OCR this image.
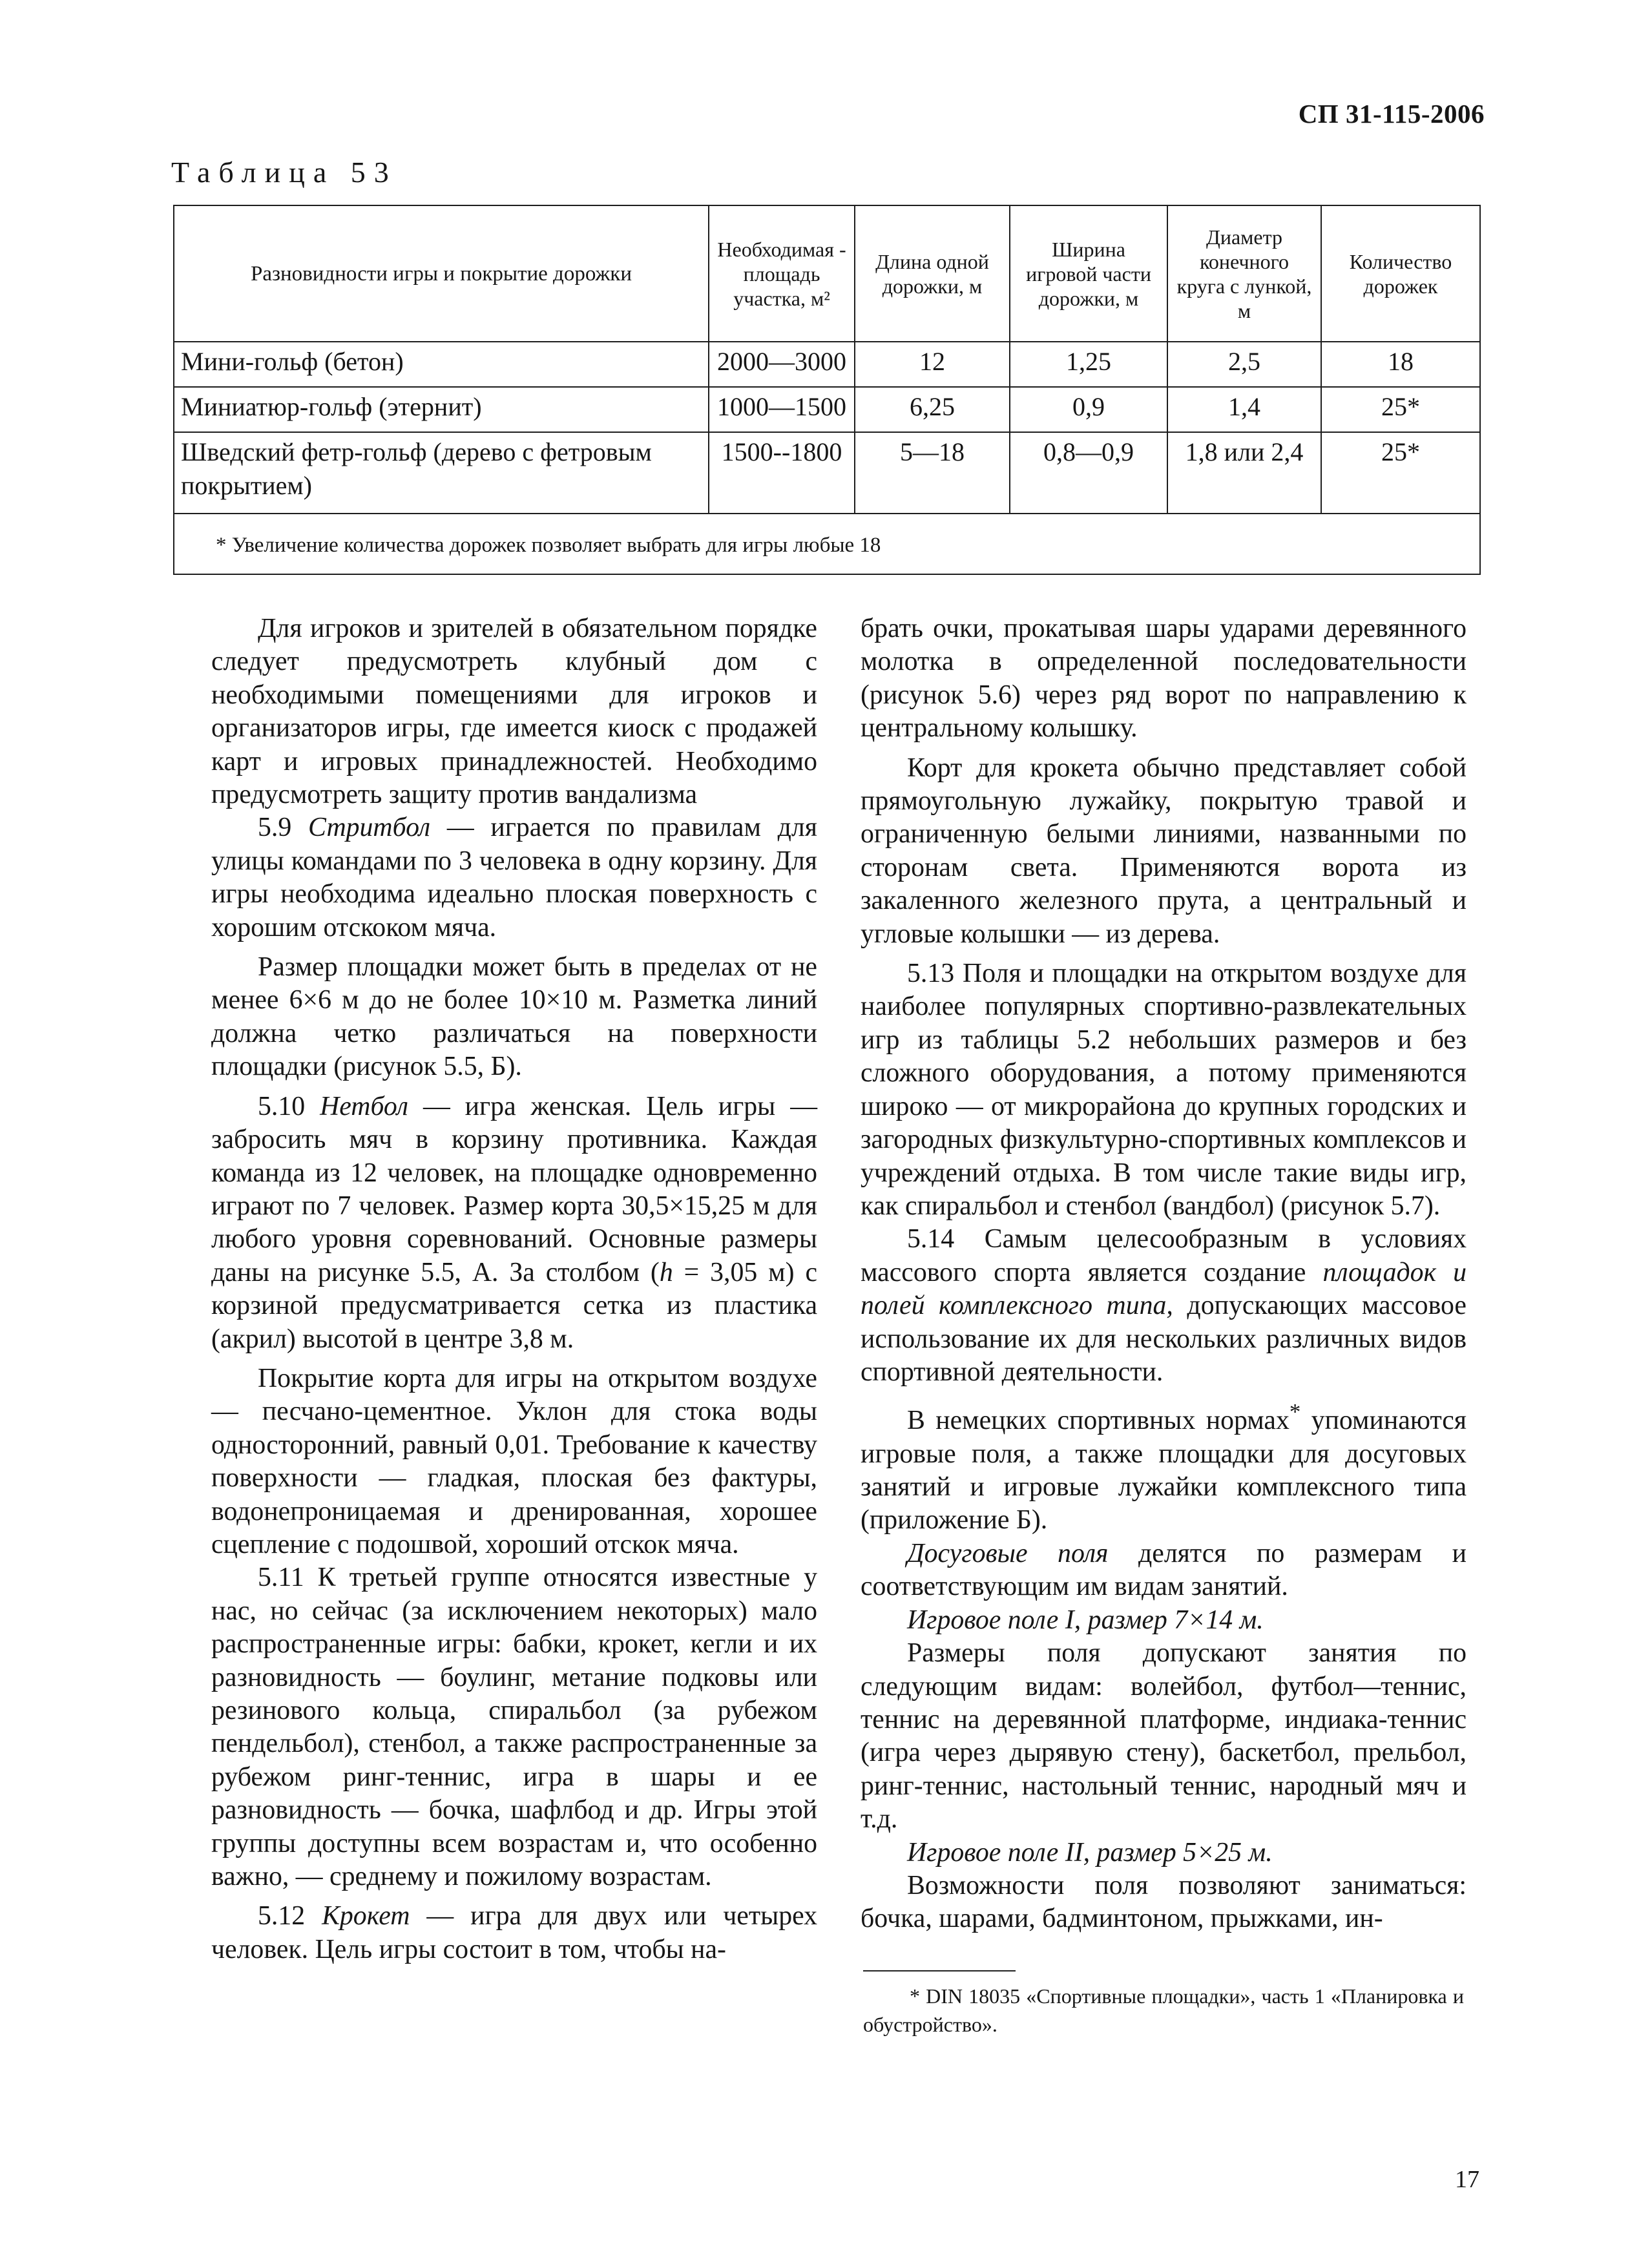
СП 31-115-2006
Таблица 53
Разновидности игры и покрытие дорожки	Необходимая - площадь участка, м²	Длина одной дорожки, м	Ширина игровой части дорожки, м	Диаметр конечного круга с лункой, м	Количество дорожек
Мини-гольф (бетон)	2000—3000	12	1,25	2,5	18
Миниатюр-гольф (этернит)	1000—1500	6,25	0,9	1,4	25*
Шведский фетр-гольф (дерево с фетровым покрытием)	1500--1800	5—18	0,8—0,9	1,8 или 2,4	25*
* Увеличение количества дорожек позволяет выбрать для игры любые 18					

Для игроков и зрителей в обязательном порядке следует предусмотреть клубный дом с необходимыми помещениями для игроков и организаторов игры, где имеется киоск с продажей карт и игровых принадлежностей. Необходимо предусмотреть защиту против вандализма

5.9 Стритбол — играется по правилам для улицы командами по 3 человека в одну корзину. Для игры необходима идеально плоская поверхность с хорошим отскоком мяча.

Размер площадки может быть в пределах от не менее 6×6 м до не более 10×10 м. Разметка линий должна четко различаться на поверхности площадки (рисунок 5.5, Б).

5.10 Нетбол — игра женская. Цель игры — забросить мяч в корзину противника. Каждая команда из 12 человек, на площадке одновременно играют по 7 человек. Размер корта 30,5×15,25 м для любого уровня соревнований. Основные размеры даны на рисунке 5.5, А. За столбом (h = 3,05 м) с корзиной предусматривается сетка из пластика (акрил) высотой в центре 3,8 м.

Покрытие корта для игры на открытом воздухе — песчано-цементное. Уклон для стока воды односторонний, равный 0,01. Требование к качеству поверхности — гладкая, плоская без фактуры, водонепроницаемая и дренированная, хорошее сцепление с подошвой, хороший отскок мяча.

5.11 К третьей группе относятся известные у нас, но сейчас (за исключением некоторых) мало распространенные игры: бабки, крокет, кегли и их разновидность — боулинг, метание подковы или резинового кольца, спиральбол (за рубежом пендельбол), стенбол, а также распространенные за рубежом ринг-теннис, игра в шары и ее разновидность — бочка, шафлбод и др. Игры этой группы доступны всем возрастам и, что особенно важно, — среднему и пожилому возрастам.

5.12 Крокет — игра для двух или четырех человек. Цель игры состоит в том, чтобы на-

брать очки, прокатывая шары ударами деревянного молотка в определенной последовательности (рисунок 5.6) через ряд ворот по направлению к центральному колышку.

Корт для крокета обычно представляет собой прямоугольную лужайку, покрытую травой и ограниченную белыми линиями, названными по сторонам света. Применяются ворота из закаленного железного прута, а центральный и угловые колышки — из дерева.

5.13 Поля и площадки на открытом воздухе для наиболее популярных спортивно-развлекательных игр из таблицы 5.2 небольших размеров и без сложного оборудования, а потому применяются широко — от микрорайона до крупных городских и загородных физкультурно-спортивных комплексов и учреждений отдыха. В том числе такие виды игр, как спиральбол и стенбол (вандбол) (рисунок 5.7).

5.14 Самым целесообразным в условиях массового спорта является создание площадок и полей комплексного типа, допускающих массовое использование их для нескольких различных видов спортивной деятельности.

В немецких спортивных нормах* упоминаются игровые поля, а также площадки для досуговых занятий и игровые лужайки комплексного типа (приложение Б).

Досуговые поля делятся по размерам и соответствующим им видам занятий.

Игровое поле I, размер 7×14 м.

Размеры поля допускают занятия по следующим видам: волейбол, футбол—теннис, теннис на деревянной платформе, индиака-теннис (игра через дырявую стену), баскетбол, прельбол, ринг-теннис, настольный теннис, народный мяч и т.д.

Игровое поле II, размер 5×25 м.

Возможности поля позволяют заниматься: бочка, шарами, бадминтоном, прыжками, ин-

* DIN 18035 «Спортивные площадки», часть 1 «Планировка и обустройство».
17
